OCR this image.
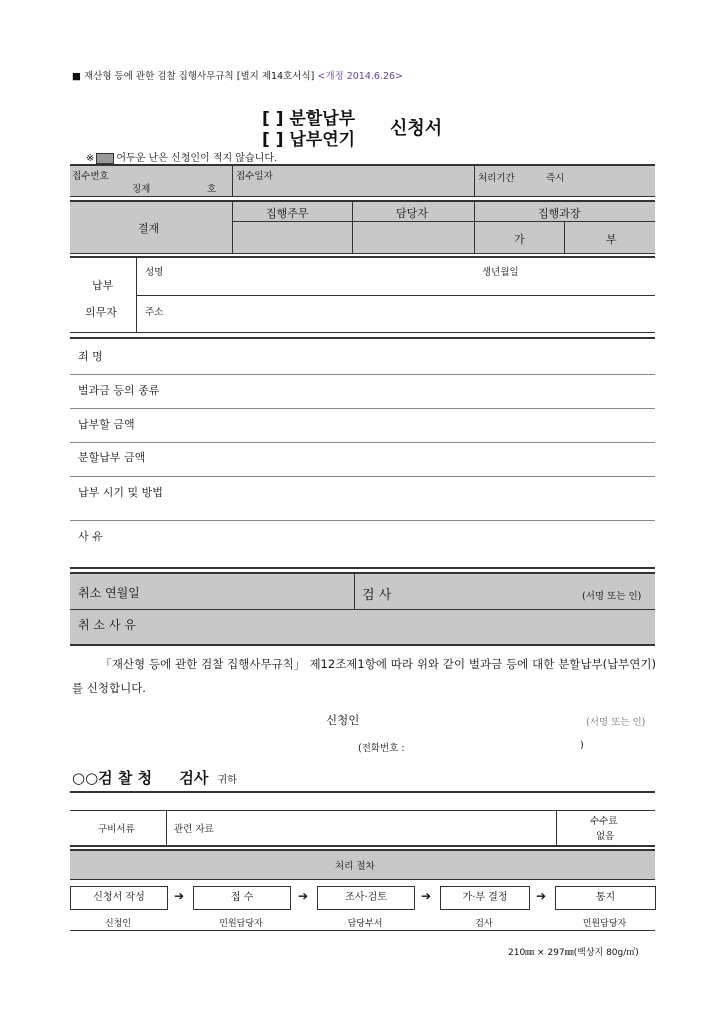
■ 재산형 등에 관한 검찰 집행사무규칙 [별지 제14호서식] <개정 2014.6.26>
[ ] 분할납부
[ ] 납부연기
신청서
※ 어두운 난은 신청인이 적지 않습니다.
접수번호
징제	호
접수일자	처리기간	즉시
결재
집행주무	담당자	집행과장
가	부
납부
의무자
성명	생년월일
주소
죄 명
벌과금 등의 종류
납부할 금액
분할납부 금액
납부 시기 및 방법
사 유
취소 연월일	검 사	(서명 또는 인)
취 소 사 유
「재산형 등에 관한 검찰 집행사무규칙」 제12조제1항에 따라 위와 같이 벌과금 등에 대한 분할납부(납부연기)를 신청합니다.
신청인	(서명 또는 인)
(전화번호 :	)
○○검 찰 청 검사 귀하
구비서류	관련 자료
수수료
없음
처리 절차
신청서 작성	➔	접 수	➔	조사·검토	➔	가·부 결정	➔	통지
신청인	민원담당자	담당부서	검사	민원담당자
210㎜ × 297㎜(백상지 80g/㎡)
